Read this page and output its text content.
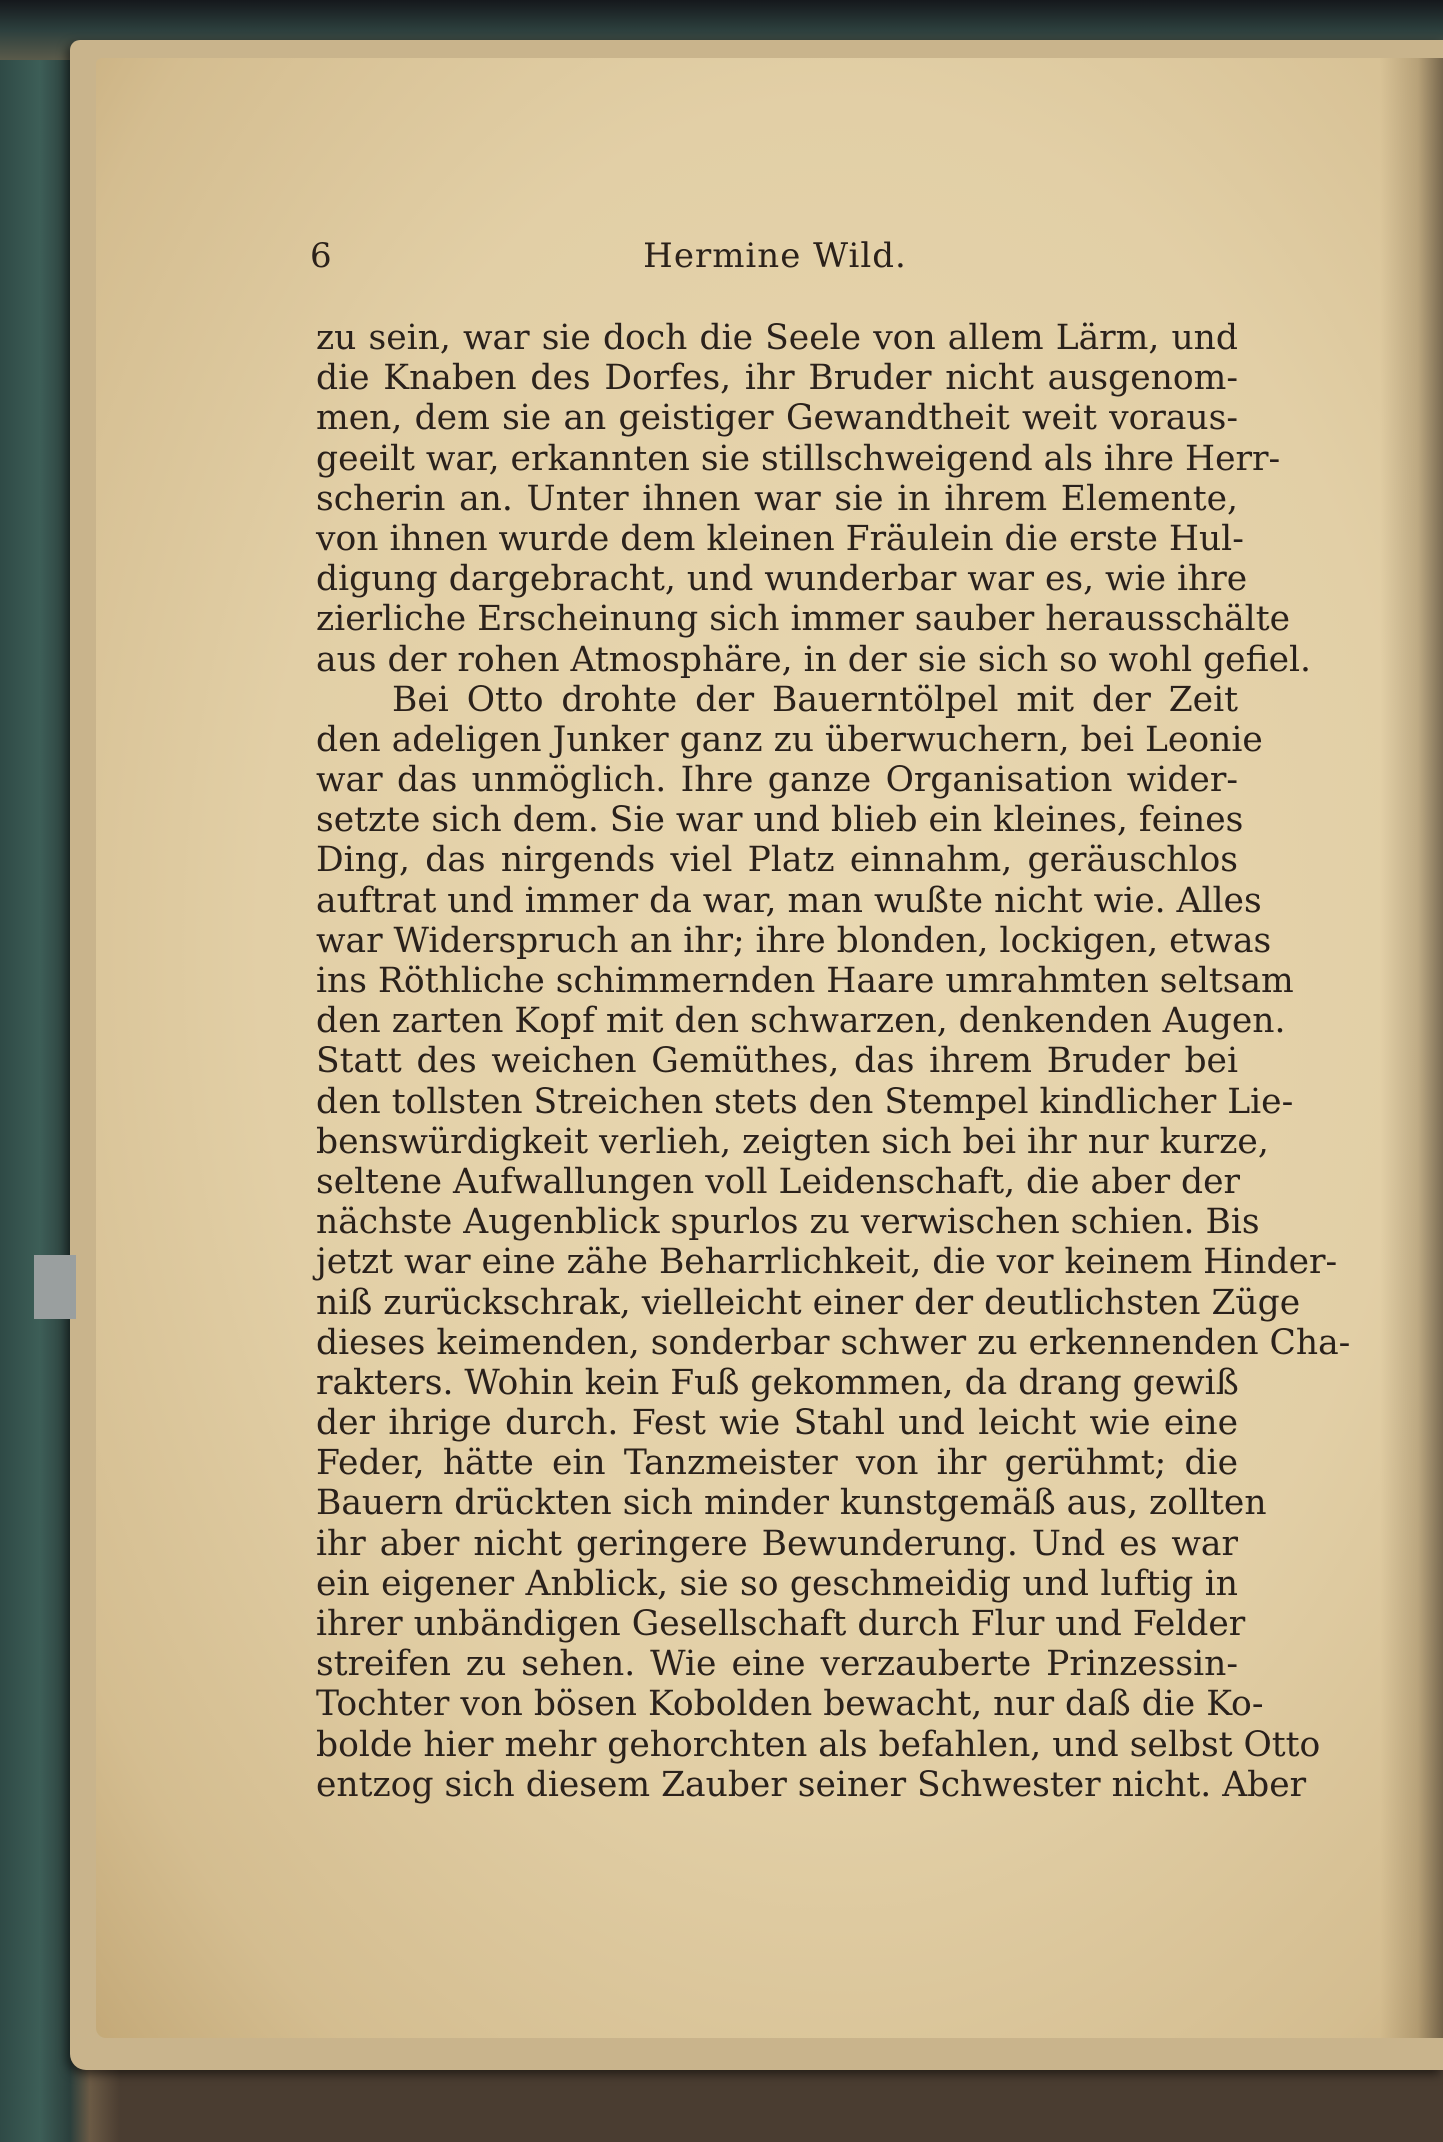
6	Hermine Wild.
zu sein, war sie doch die Seele von allem Lärm, und
die Knaben des Dorfes, ihr Bruder nicht ausgenom-
men, dem sie an geistiger Gewandtheit weit voraus-
geeilt war, erkannten sie stillschweigend als ihre Herr-
scherin an. Unter ihnen war sie in ihrem Elemente,
von ihnen wurde dem kleinen Fräulein die erste Hul-
digung dargebracht, und wunderbar war es, wie ihre
zierliche Erscheinung sich immer sauber herausschälte
aus der rohen Atmosphäre, in der sie sich so wohl gefiel.
Bei Otto drohte der Bauerntölpel mit der Zeit
den adeligen Junker ganz zu überwuchern, bei Leonie
war das unmöglich. Ihre ganze Organisation wider-
setzte sich dem. Sie war und blieb ein kleines, feines
Ding, das nirgends viel Platz einnahm, geräuschlos
auftrat und immer da war, man wußte nicht wie. Alles
war Widerspruch an ihr; ihre blonden, lockigen, etwas
ins Röthliche schimmernden Haare umrahmten seltsam
den zarten Kopf mit den schwarzen, denkenden Augen.
Statt des weichen Gemüthes, das ihrem Bruder bei
den tollsten Streichen stets den Stempel kindlicher Lie-
benswürdigkeit verlieh, zeigten sich bei ihr nur kurze,
seltene Aufwallungen voll Leidenschaft, die aber der
nächste Augenblick spurlos zu verwischen schien. Bis
jetzt war eine zähe Beharrlichkeit, die vor keinem Hinder-
niß zurückschrak, vielleicht einer der deutlichsten Züge
dieses keimenden, sonderbar schwer zu erkennenden Cha-
rakters. Wohin kein Fuß gekommen, da drang gewiß
der ihrige durch. Fest wie Stahl und leicht wie eine
Feder, hätte ein Tanzmeister von ihr gerühmt; die
Bauern drückten sich minder kunstgemäß aus, zollten
ihr aber nicht geringere Bewunderung. Und es war
ein eigener Anblick, sie so geschmeidig und luftig in
ihrer unbändigen Gesellschaft durch Flur und Felder
streifen zu sehen. Wie eine verzauberte Prinzessin-
Tochter von bösen Kobolden bewacht, nur daß die Ko-
bolde hier mehr gehorchten als befahlen, und selbst Otto
entzog sich diesem Zauber seiner Schwester nicht. Aber
